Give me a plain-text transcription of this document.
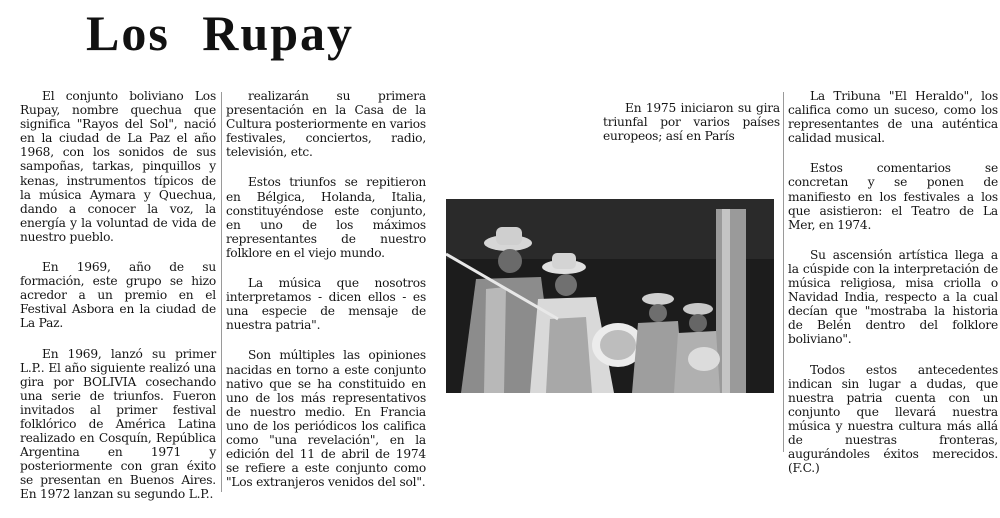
Los Rupay

El conjunto boliviano Los Rupay, nombre quechua que significa "Rayos del Sol", nació en la ciudad de La Paz el año 1968, con los sonidos de sus sampoñas, tarkas, pinquillos y kenas, instrumentos típicos de la música Aymara y Quechua, dando a conocer la voz, la energía y la voluntad de vida de nuestro pueblo.

En 1969, año de su formación, este grupo se hizo acredor a un premio en el Festival Asbora en la ciudad de La Paz.

En 1969, lanzó su primer L.P.. El año siguiente realizó una gira por BOLIVIA cosechando una serie de triunfos. Fueron invitados al primer festival folklórico de América Latina realizado en Cosquín, República Argentina en 1971 y posteriormente con gran éxito se presentan en Buenos Aires. En 1972 lanzan su segundo L.P..

realizarán su primera presentación en la Casa de la Cultura posteriormente en varios festivales, conciertos, radio, televisión, etc.

Estos triunfos se repitieron en Bélgica, Holanda, Italia, constituyéndose este conjunto, en uno de los máximos representantes de nuestro folklore en el viejo mundo.

La música que nosotros interpretamos - dicen ellos - es una especie de mensaje de nuestra patria".

Son múltiples las opiniones nacidas en torno a este conjunto nativo que se ha constituido en uno de los más representativos de nuestro medio. En Francia uno de los periódicos los califica como "una revelación", en la edición del 11 de abril de 1974 se refiere a este conjunto como "Los extranjeros venidos del sol".

En 1975 iniciaron su gira triunfal por varios países europeos; así en París

La Tribuna "El Heraldo", los califica como un suceso, como los representantes de una auténtica calidad musical.

Estos comentarios se concretan y se ponen de manifiesto en los festivales a los que asistieron: el Teatro de La Mer, en 1974.

Su ascensión artística llega a la cúspide con la interpretación de música religiosa, misa criolla o Navidad India, respecto a la cual decían que "mostraba la historia de Belén dentro del folklore boliviano".

Todos estos antecedentes indican sin lugar a dudas, que nuestra patria cuenta con un conjunto que llevará nuestra música y nuestra cultura más allá de nuestras fronteras, augurándoles éxitos merecidos. (F.C.)
